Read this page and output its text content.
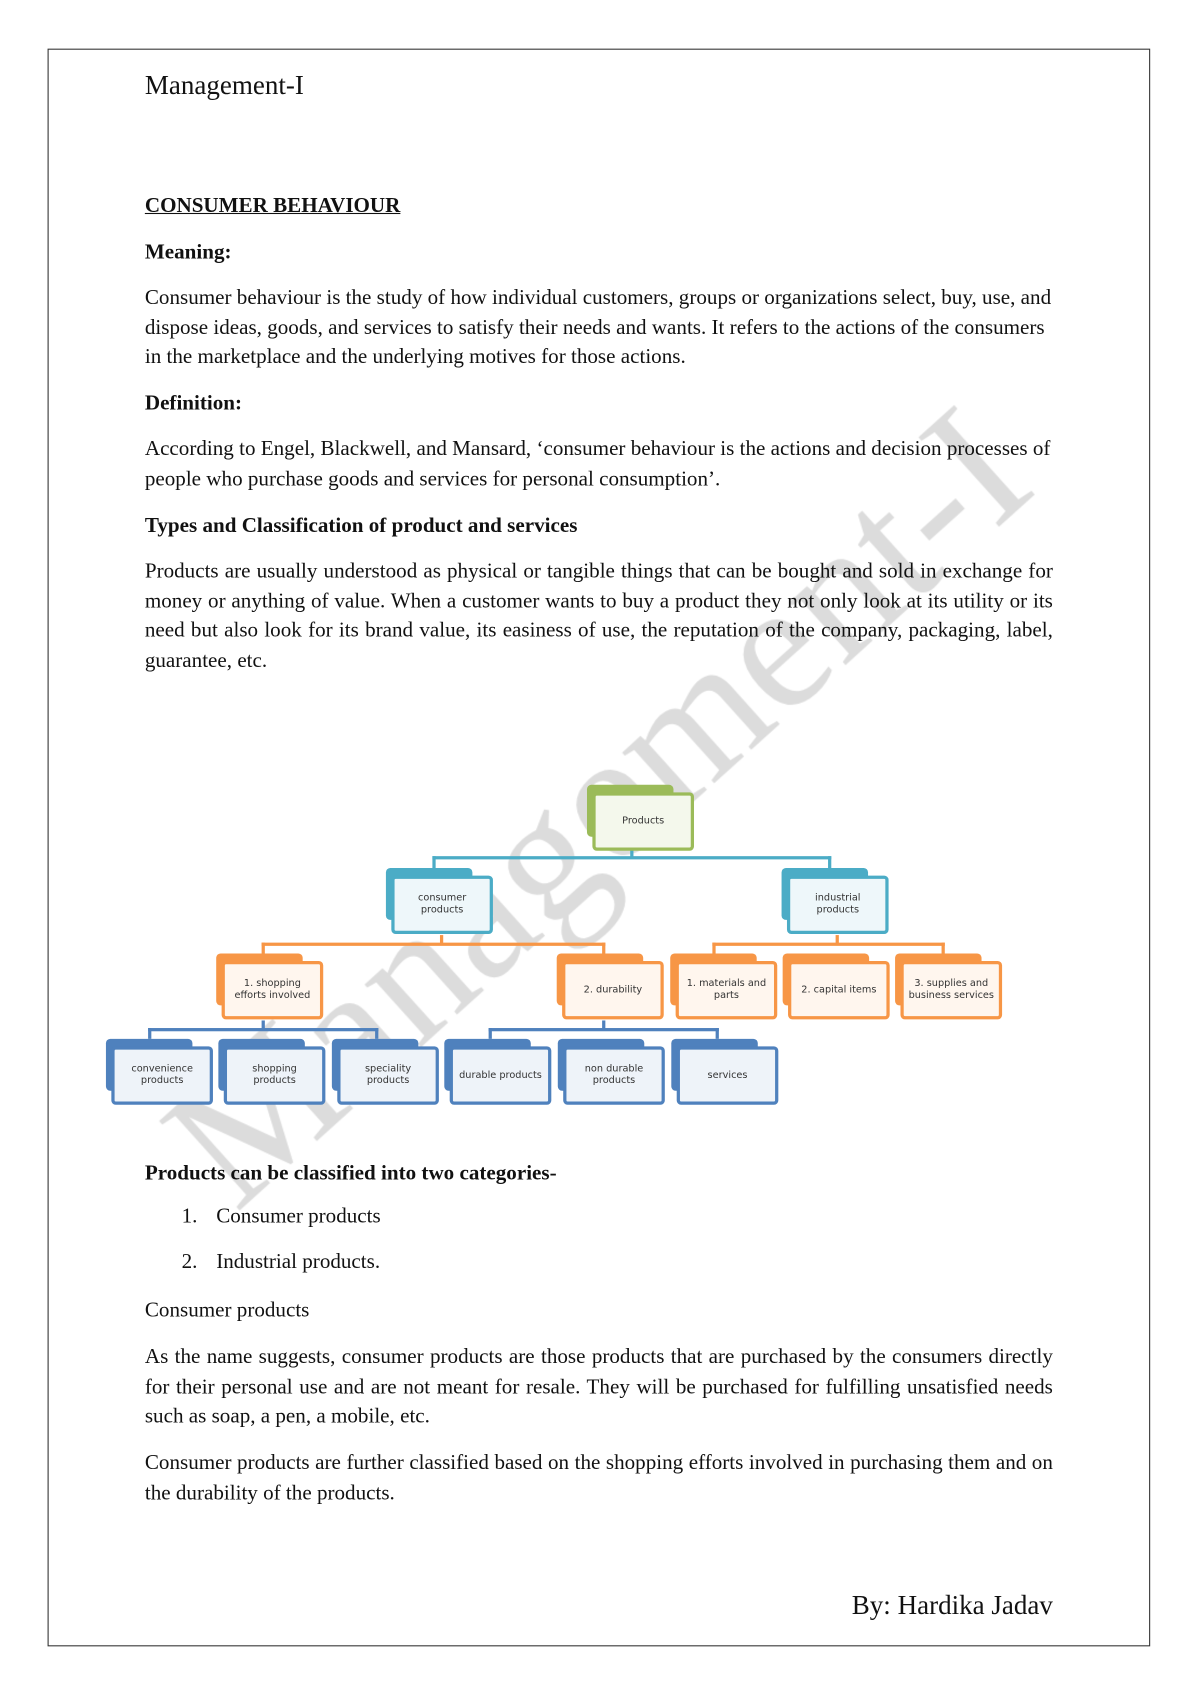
Management-I
CONSUMER BEHAVIOUR
Meaning:
Consumer behaviour is the study of how individual customers, groups or organizations select, buy, use, and dispose ideas, goods, and services to satisfy their needs and wants. It refers to the actions of the consumers in the marketplace and the underlying motives for those actions.
Definition:
According to Engel, Blackwell, and Mansard, ‘consumer behaviour is the actions and decision processes of people who purchase goods and services for personal consumption’.
Types and Classification of product and services
Products are usually understood as physical or tangible things that can be bought and sold in exchange for money or anything of value. When a customer wants to buy a product they not only look at its utility or its need but also look for its brand value, its easiness of use, the reputation of the company, packaging, label, guarantee, etc.
Products
consumer products
industrial products
1. shopping efforts involved
2. durability
1. materials and parts
2. capital items
3. supplies and business services
convenience products
shopping products
speciality products
durable products
non durable products
services
Products can be classified into two categories-
1. Consumer products
2. Industrial products.
Consumer products
As the name suggests, consumer products are those products that are purchased by the consumers directly for their personal use and are not meant for resale. They will be purchased for fulfilling unsatisfied needs such as soap, a pen, a mobile, etc.
Consumer products are further classified based on the shopping efforts involved in purchasing them and on the durability of the products.
By: Hardika Jadav
